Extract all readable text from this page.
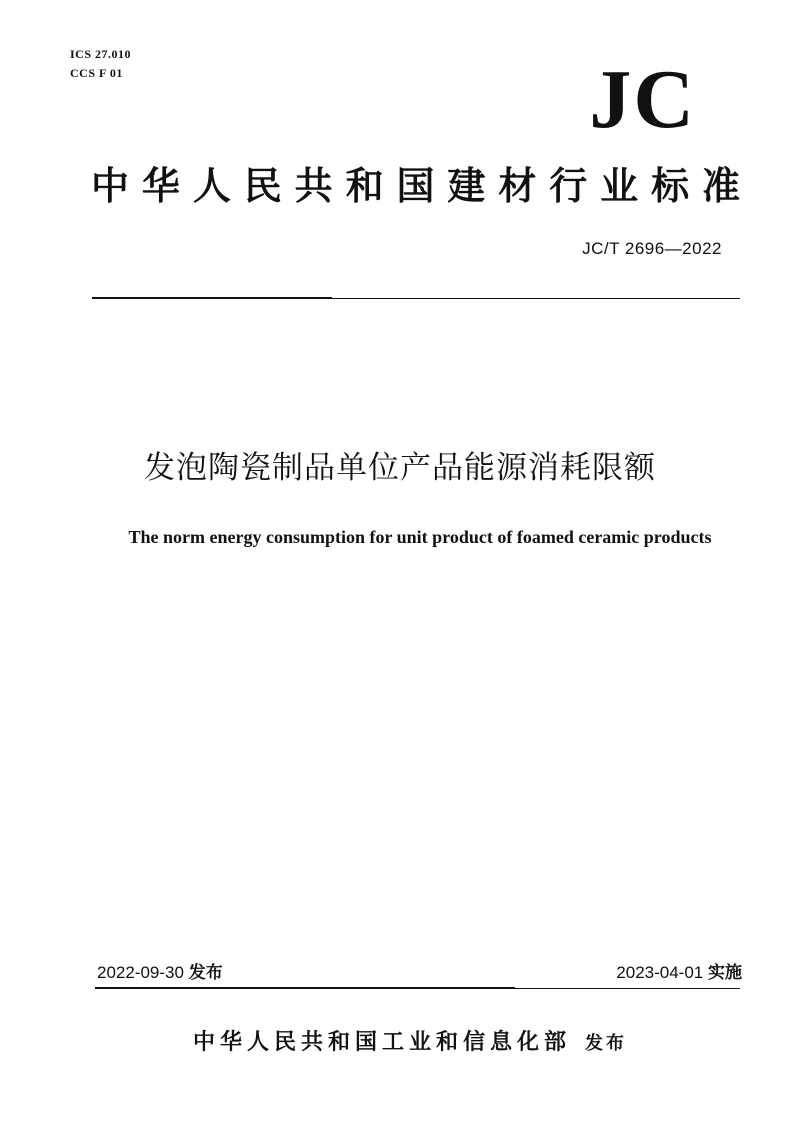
ICS 27.010
CCS F 01	JC
中华人民共和国建材行业标准
JC/T 2696—2022
发泡陶瓷制品单位产品能源消耗限额
The norm energy consumption for unit product of foamed ceramic products
2022-09-30 发布	2023-04-01 实施
中华人民共和国工业和信息化部 发布
